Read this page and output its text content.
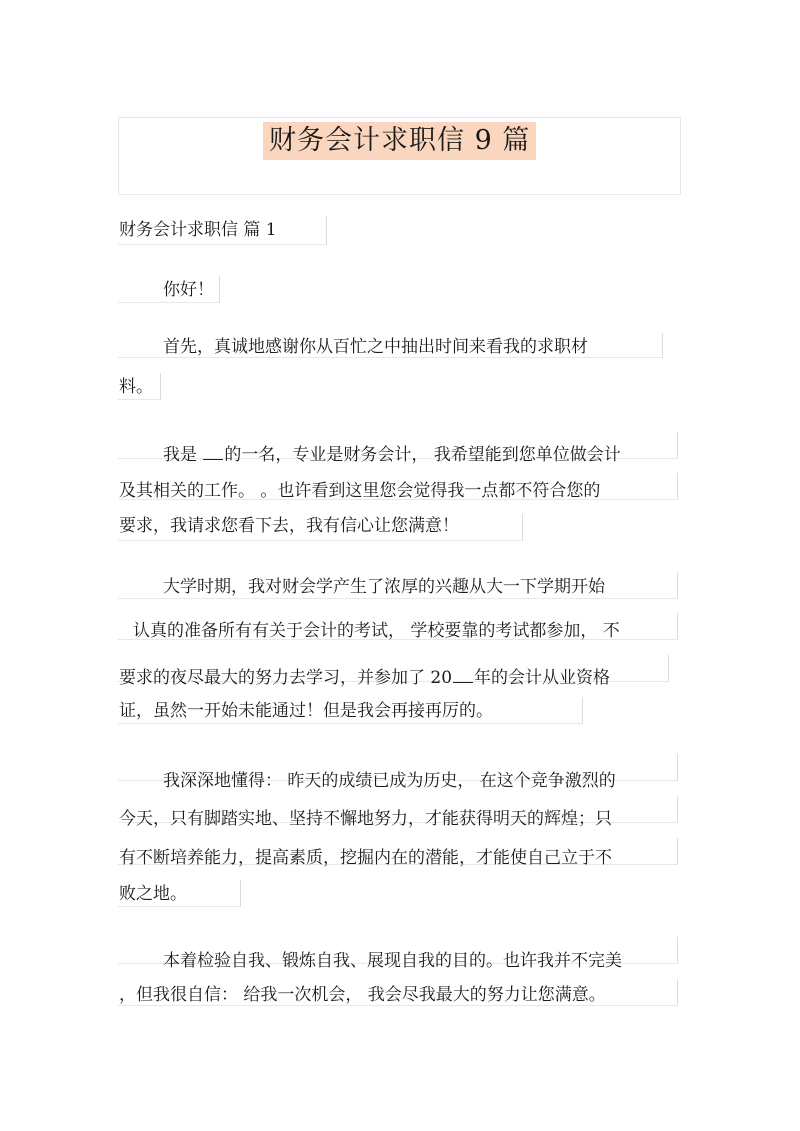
财务会计求职信 9 篇
财务会计求职信 篇 1
你好！
首先，真诚地感谢你从百忙之中抽出时间来看我的求职材
料。
我是 的一名，专业是财务会计， 我希望能到您单位做会计
及其相关的工作。 。也许看到这里您会觉得我一点都不符合您的
要求，我请求您看下去，我有信心让您满意！
大学时期，我对财会学产生了浓厚的兴趣从大一下学期开始
认真的准备所有有关于会计的考试， 学校要靠的考试都参加， 不
要求的夜尽最大的努力去学习，并参加了 20 年的会计从业资格
证，虽然一开始未能通过！但是我会再接再厉的。
我深深地懂得： 昨天的成绩已成为历史， 在这个竞争激烈的
今天，只有脚踏实地、坚持不懈地努力，才能获得明天的辉煌；只
有不断培养能力，提高素质，挖掘内在的潜能，才能使自己立于不
败之地。
本着检验自我、锻炼自我、展现自我的目的。也许我并不完美
，但我很自信： 给我一次机会， 我会尽我最大的努力让您满意。
